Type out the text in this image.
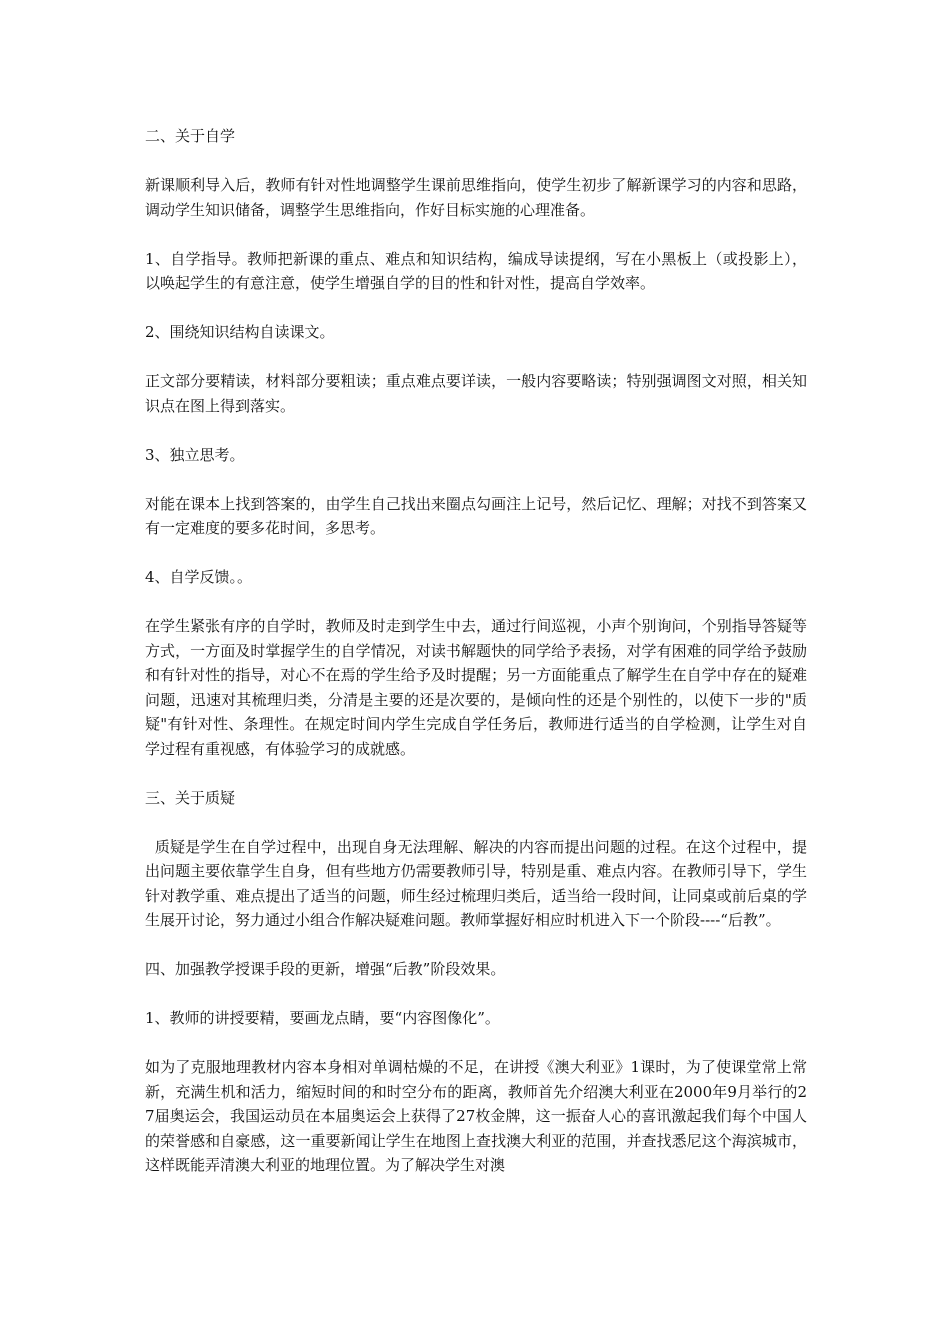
二、关于自学

新课顺利导入后，教师有针对性地调整学生课前思维指向，使学生初步了解新课学习的内容和思路，调动学生知识储备，调整学生思维指向，作好目标实施的心理准备。

1、自学指导。教师把新课的重点、难点和知识结构，编成导读提纲，写在小黑板上（或投影上），以唤起学生的有意注意，使学生增强自学的目的性和针对性，提高自学效率。

2、围绕知识结构自读课文。

正文部分要精读，材料部分要粗读；重点难点要详读，一般内容要略读；特别强调图文对照，相关知识点在图上得到落实。

3、独立思考。

对能在课本上找到答案的，由学生自己找出来圈点勾画注上记号，然后记忆、理解；对找不到答案又有一定难度的要多花时间，多思考。

4、自学反馈。。

在学生紧张有序的自学时，教师及时走到学生中去，通过行间巡视，小声个别询问，个别指导答疑等方式，一方面及时掌握学生的自学情况，对读书解题快的同学给予表扬，对学有困难的同学给予鼓励和有针对性的指导，对心不在焉的学生给予及时提醒；另一方面能重点了解学生在自学中存在的疑难问题，迅速对其梳理归类，分清是主要的还是次要的，是倾向性的还是个别性的，以使下一步的"质疑"有针对性、条理性。在规定时间内学生完成自学任务后，教师进行适当的自学检测，让学生对自学过程有重视感，有体验学习的成就感。

三、关于质疑

质疑是学生在自学过程中，出现自身无法理解、解决的内容而提出问题的过程。在这个过程中，提出问题主要依靠学生自身，但有些地方仍需要教师引导，特别是重、难点内容。在教师引导下，学生针对教学重、难点提出了适当的问题，师生经过梳理归类后，适当给一段时间，让同桌或前后桌的学生展开讨论，努力通过小组合作解决疑难问题。教师掌握好相应时机进入下一个阶段----“后教”。

四、加强教学授课手段的更新，增强“后教”阶段效果。

1、教师的讲授要精，要画龙点睛，要“内容图像化”。

如为了克服地理教材内容本身相对单调枯燥的不足，在讲授《澳大利亚》1课时，为了使课堂常上常新，充满生机和活力，缩短时间的和时空分布的距离，教师首先介绍澳大利亚在2000年9月举行的27届奥运会，我国运动员在本届奥运会上获得了27枚金牌，这一振奋人心的喜讯激起我们每个中国人的荣誉感和自豪感，这一重要新闻让学生在地图上查找澳大利亚的范围，并查找悉尼这个海滨城市，这样既能弄清澳大利亚的地理位置。为了解决学生对澳
